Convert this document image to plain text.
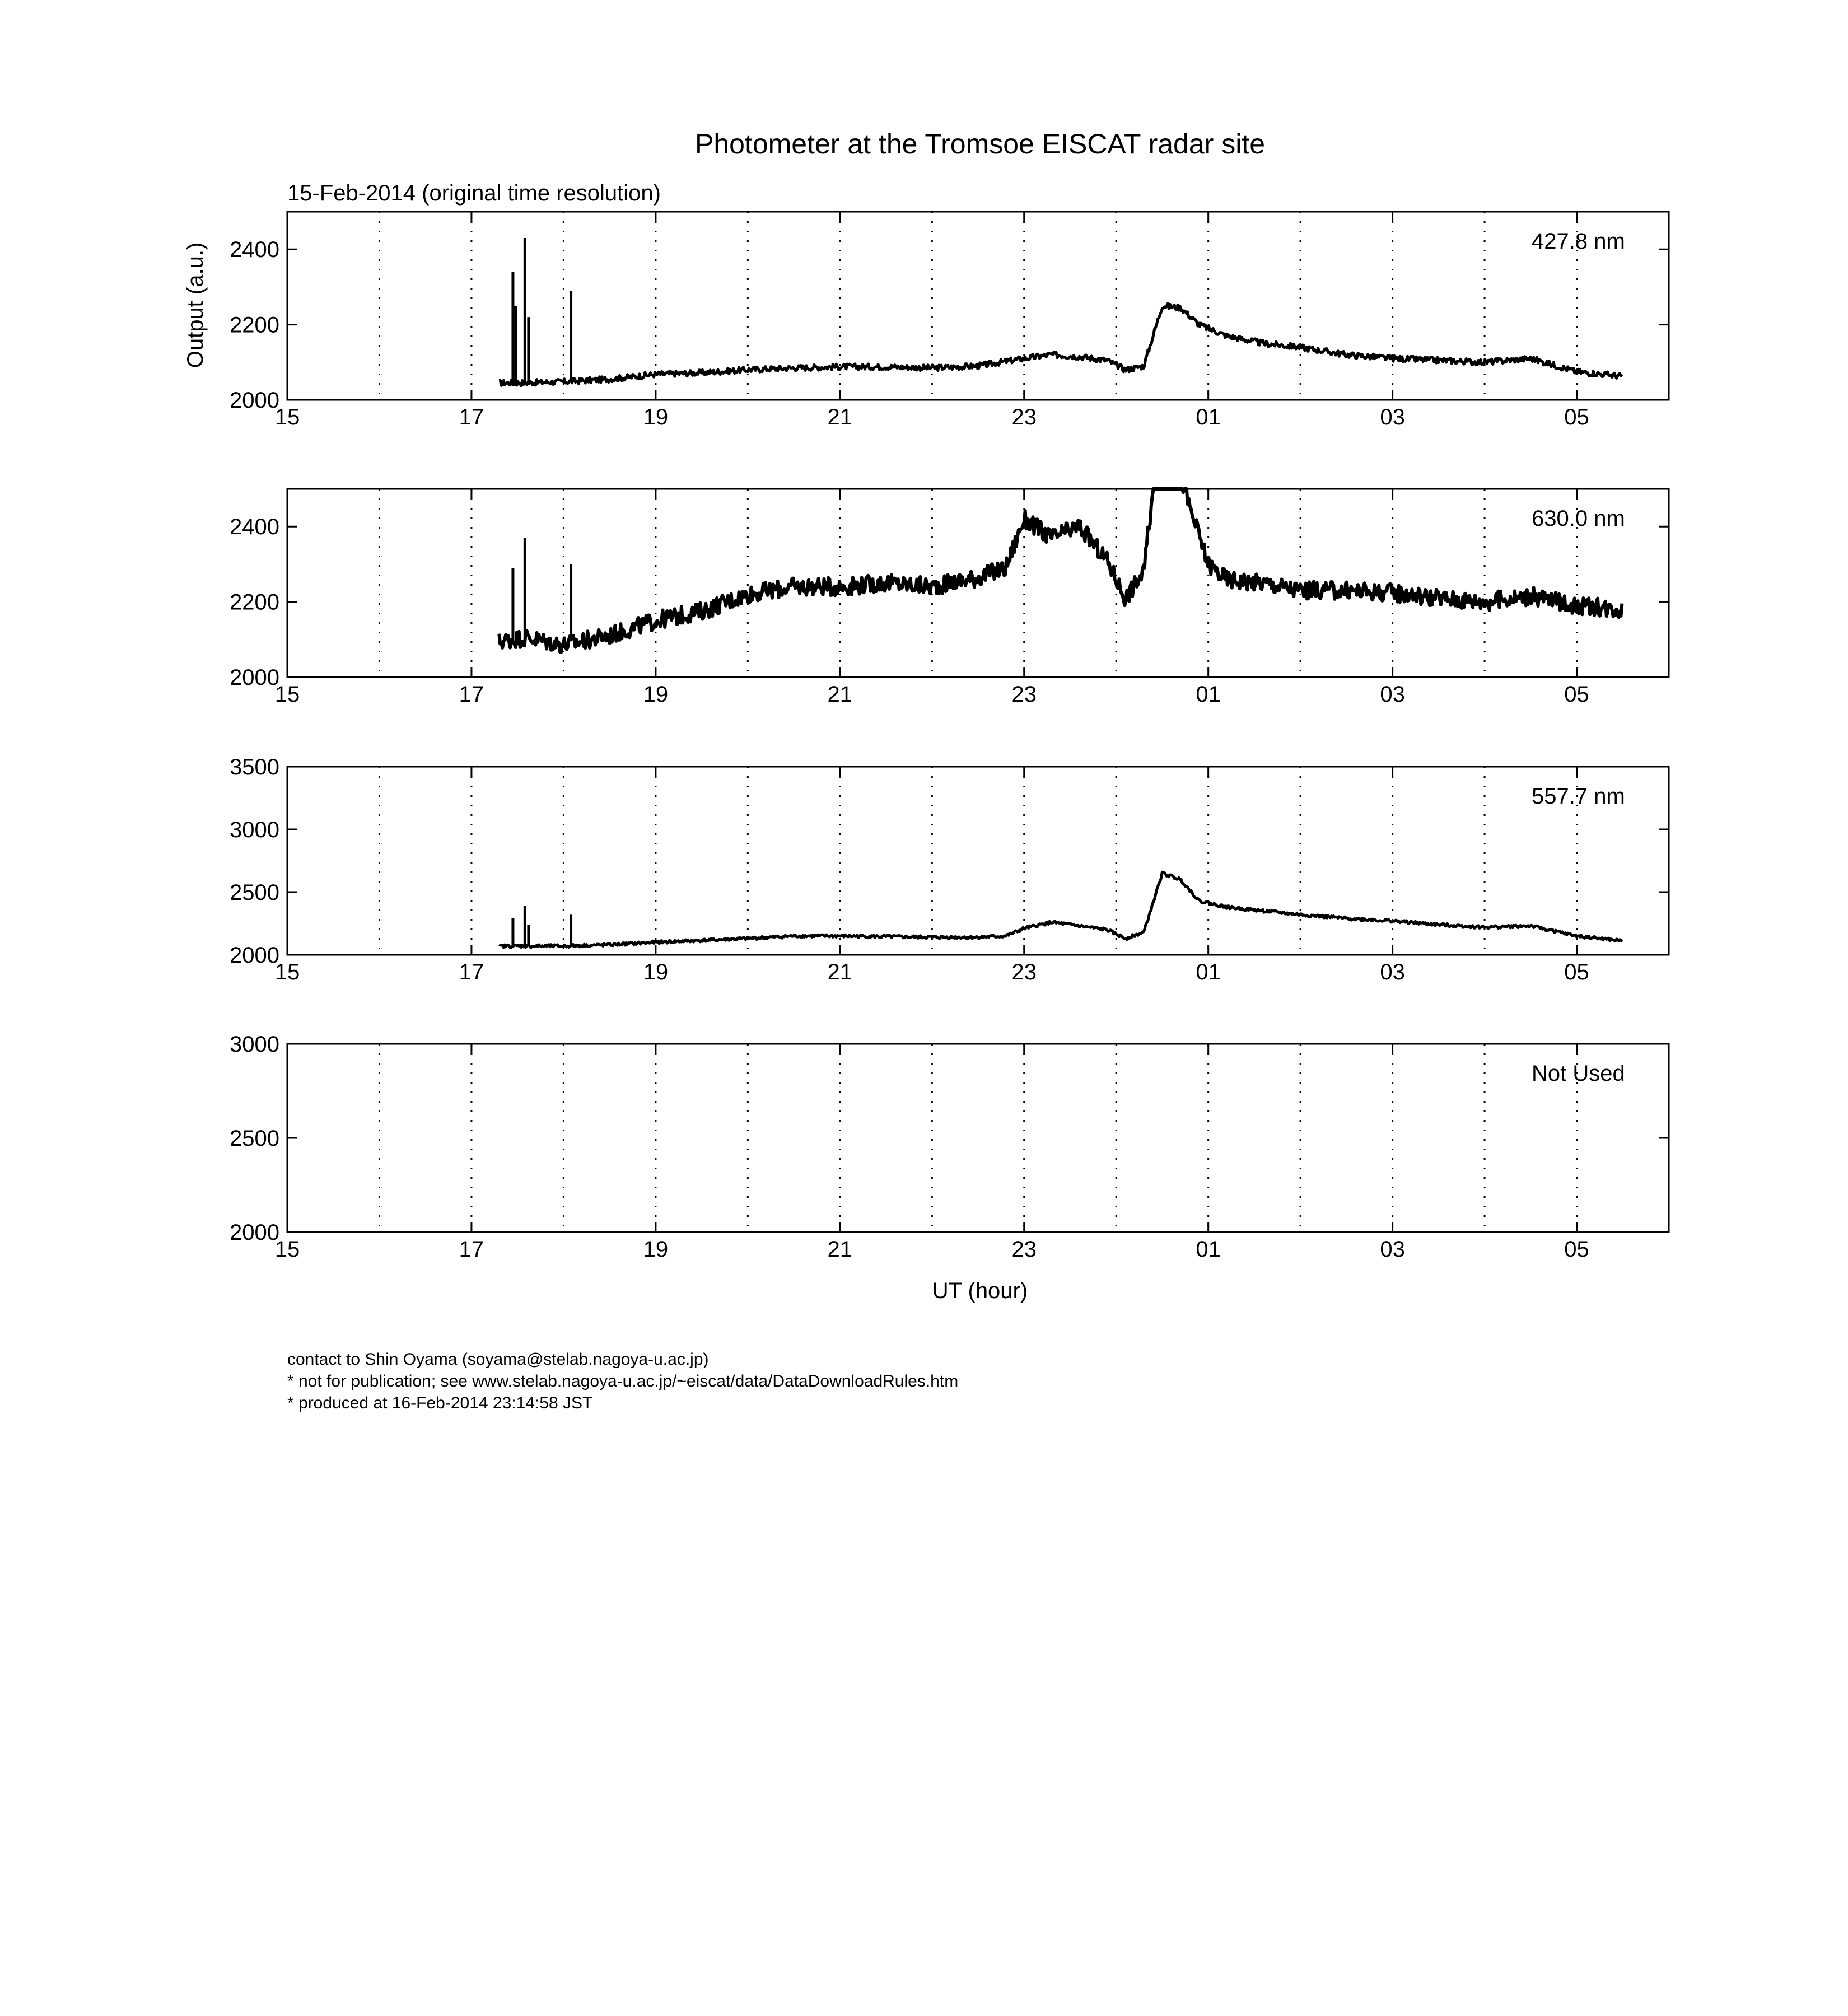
Photometer at the Tromsoe EISCAT radar site
15-Feb-2014 (original time resolution)
Output (a.u.)
UT (hour)
15	17	19	21	23	01	03	05
2000
2200
2400	427.8 nm
15	17	19	21	23	01	03	05
2000
2200
2400	630.0 nm
15	17	19	21	23	01	03	05
2000
2500
3000
3500
557.7 nm
15	17	19	21	23	01	03	05
2000
2500
3000
Not Used
contact to Shin Oyama (soyama@stelab.nagoya-u.ac.jp)
* not for publication; see www.stelab.nagoya-u.ac.jp/~eiscat/data/DataDownloadRules.htm
* produced at 16-Feb-2014 23:14:58 JST
